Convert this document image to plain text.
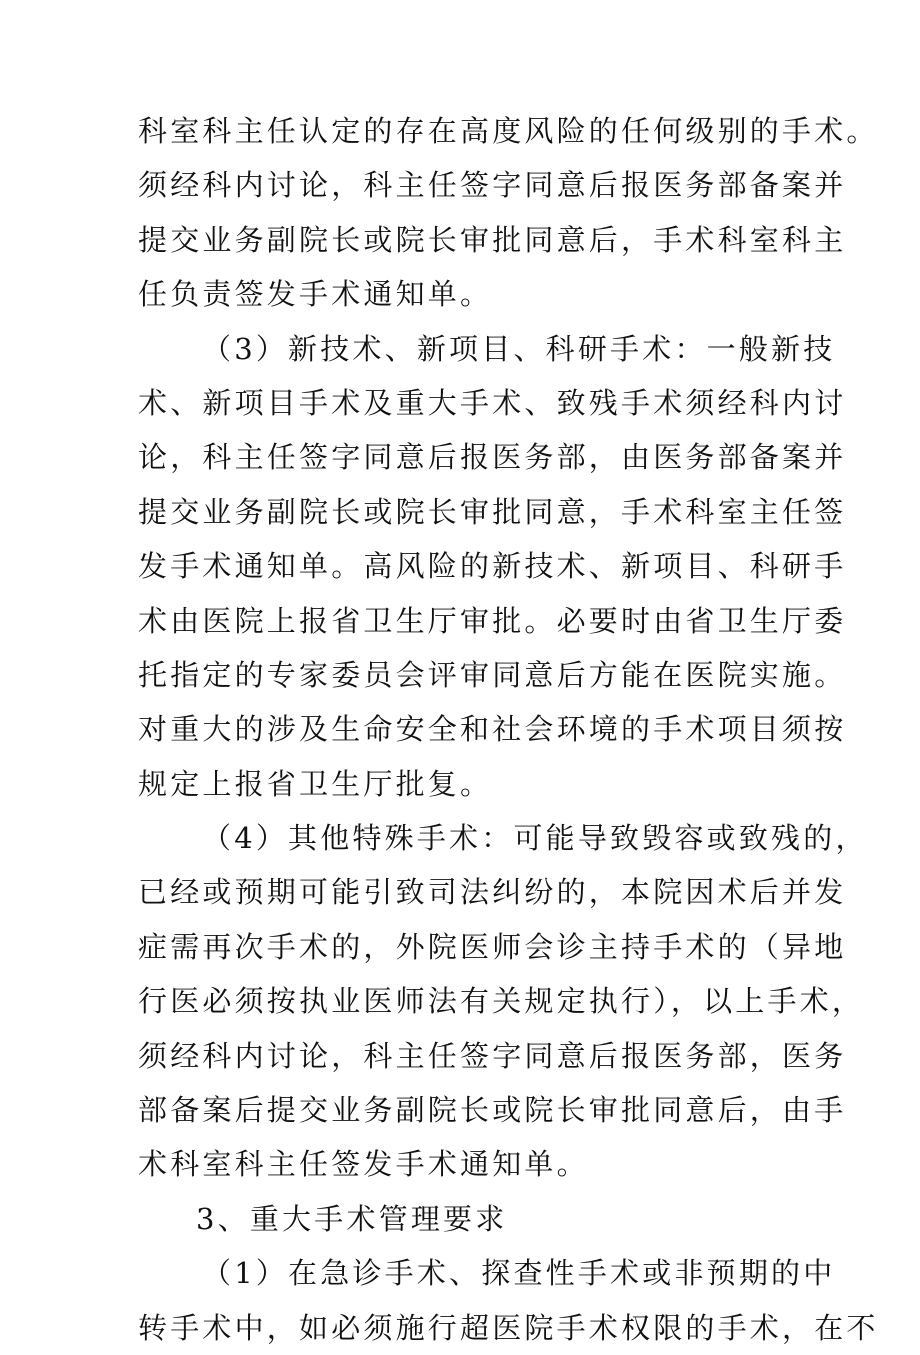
科室科主任认定的存在高度风险的任何级别的手术。
须经科内讨论，科主任签字同意后报医务部备案并
提交业务副院长或院长审批同意后，手术科室科主
任负责签发手术通知单。
（3）新技术、新项目、科研手术：一般新技
术、新项目手术及重大手术、致残手术须经科内讨
论，科主任签字同意后报医务部，由医务部备案并
提交业务副院长或院长审批同意，手术科室主任签
发手术通知单。高风险的新技术、新项目、科研手
术由医院上报省卫生厅审批。必要时由省卫生厅委
托指定的专家委员会评审同意后方能在医院实施。
对重大的涉及生命安全和社会环境的手术项目须按
规定上报省卫生厅批复。
（4）其他特殊手术：可能导致毁容或致残的，
已经或预期可能引致司法纠纷的，本院因术后并发
症需再次手术的，外院医师会诊主持手术的（异地
行医必须按执业医师法有关规定执行），以上手术，
须经科内讨论，科主任签字同意后报医务部，医务
部备案后提交业务副院长或院长审批同意后，由手
术科室科主任签发手术通知单。
3、重大手术管理要求
（1）在急诊手术、探查性手术或非预期的中
转手术中，如必须施行超医院手术权限的手术，在不
